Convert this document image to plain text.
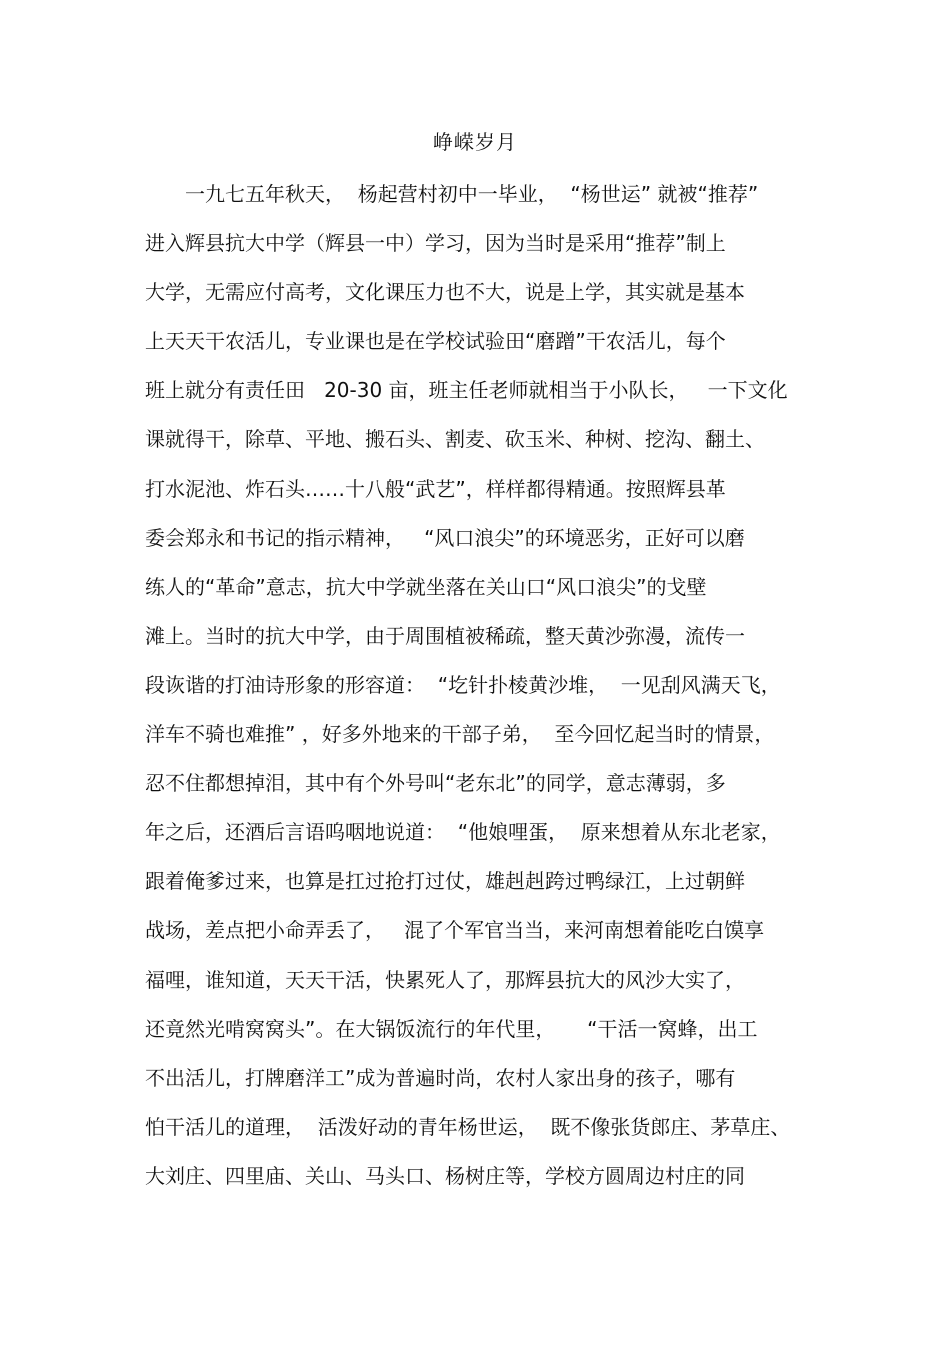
峥嵘岁月
一九七五年秋天，  杨起营村初中一毕业，  “杨世运” 就被“推荐”
进入辉县抗大中学（辉县一中）学习，因为当时是采用“推荐”制上
大学，无需应付高考，文化课压力也不大，说是上学，其实就是基本
上天天干农活儿，专业课也是在学校试验田“磨蹭”干农活儿，每个
班上就分有责任田   20-30 亩，班主任老师就相当于小队长，   一下文化
课就得干，除草、平地、搬石头、割麦、砍玉米、种树、挖沟、翻土、
打水泥池、炸石头……十八般“武艺”，样样都得精通。按照辉县革
委会郑永和书记的指示精神，   “风口浪尖”的环境恶劣，正好可以磨
练人的“革命”意志，抗大中学就坐落在关山口“风口浪尖”的戈壁
滩上。当时的抗大中学，由于周围植被稀疏，整天黄沙弥漫，流传一
段诙谐的打油诗形象的形容道：  “圪针扑棱黄沙堆，  一见刮风满天飞，
洋车不骑也难推” ，好多外地来的干部子弟，  至今回忆起当时的情景，
忍不住都想掉泪，其中有个外号叫“老东北”的同学，意志薄弱，多
年之后，还酒后言语呜咽地说道：  “他娘哩蛋，  原来想着从东北老家，
跟着俺爹过来，也算是扛过抢打过仗，雄赳赳跨过鸭绿江，上过朝鲜
战场，差点把小命弄丢了，   混了个军官当当，来河南想着能吃白馍享
福哩，谁知道，天天干活，快累死人了，那辉县抗大的风沙大实了，
还竟然光啃窝窝头”。在大锅饭流行的年代里，     “干活一窝蜂，出工
不出活儿，打牌磨洋工”成为普遍时尚，农村人家出身的孩子，哪有
怕干活儿的道理，  活泼好动的青年杨世运，  既不像张货郎庄、茅草庄、
大刘庄、四里庙、关山、马头口、杨树庄等，学校方圆周边村庄的同
